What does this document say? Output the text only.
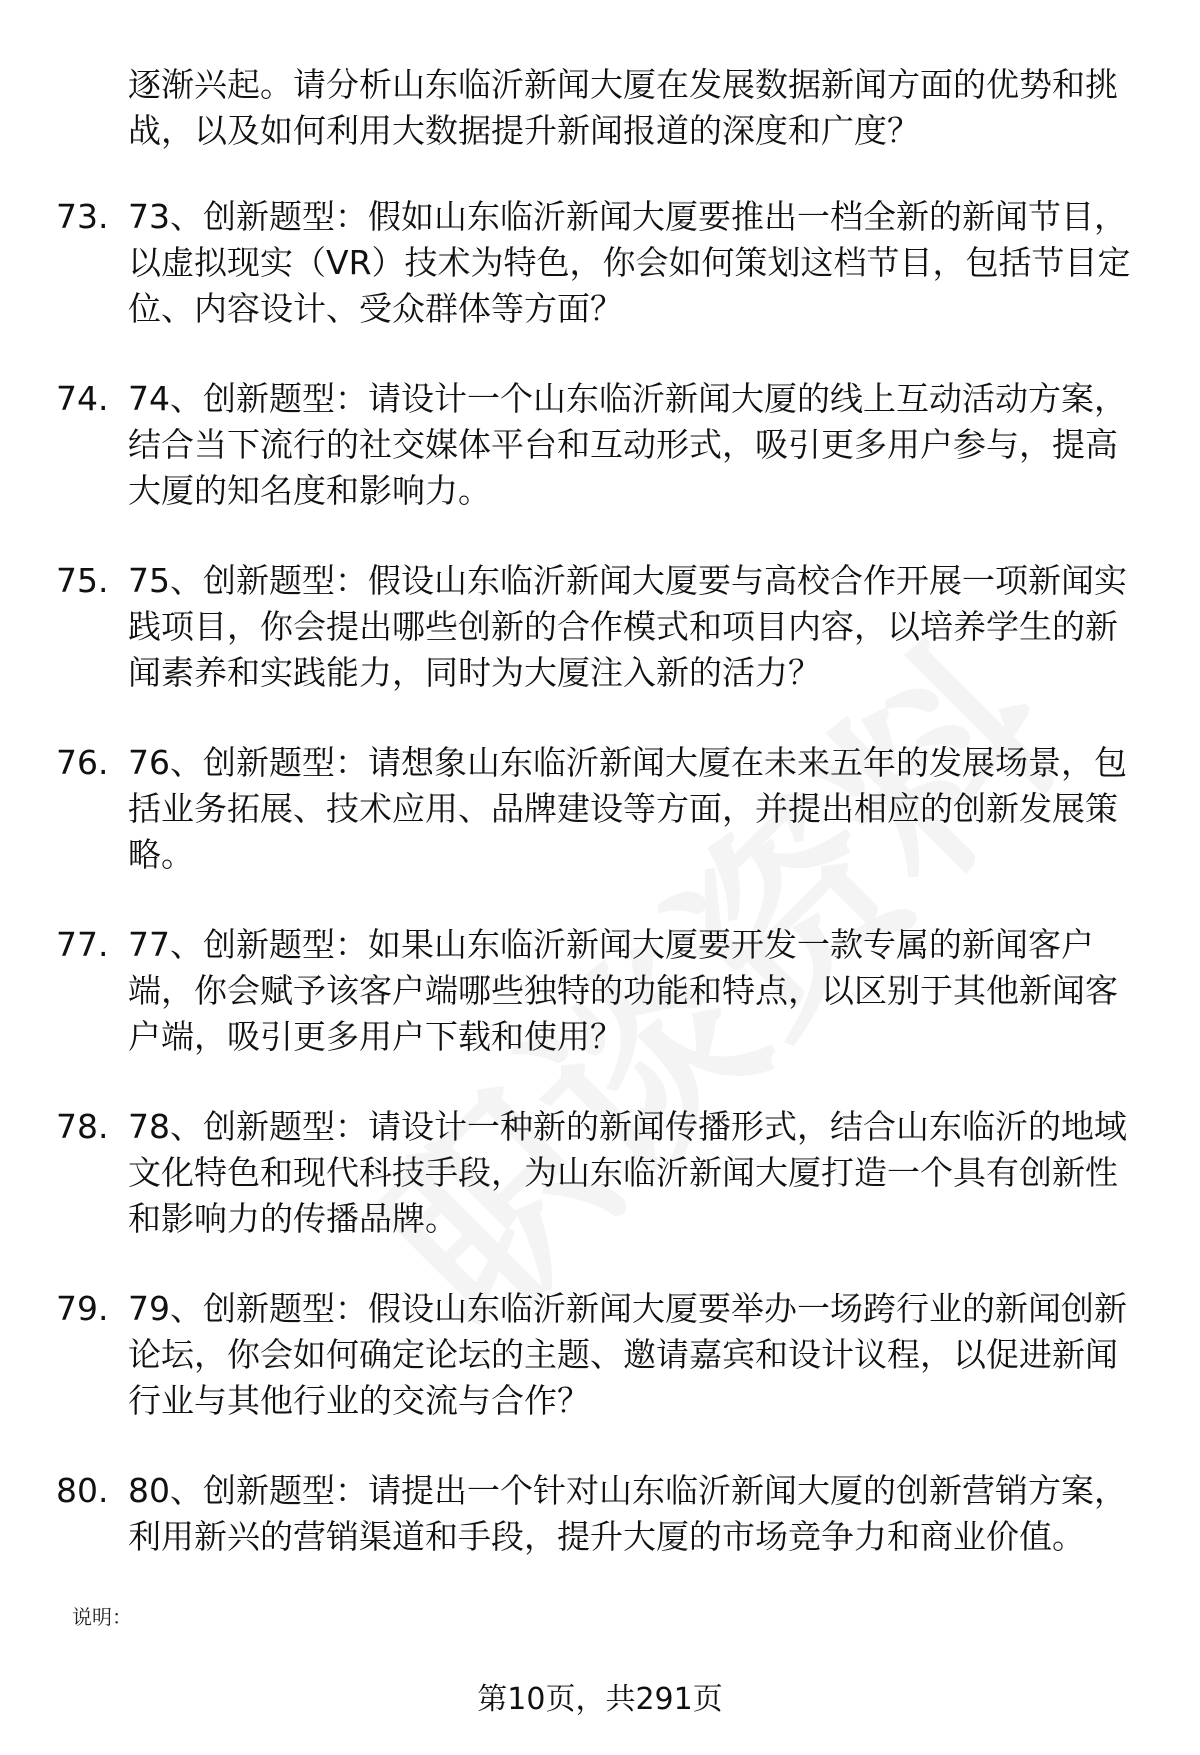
逐渐兴起。请分析山东临沂新闻大厦在发展数据新闻方面的优势和挑战，以及如何利用大数据提升新闻报道的深度和广度？
73. 73、创新题型：假如山东临沂新闻大厦要推出一档全新的新闻节目，以虚拟现实（VR）技术为特色，你会如何策划这档节目，包括节目定位、内容设计、受众群体等方面？
74. 74、创新题型：请设计一个山东临沂新闻大厦的线上互动活动方案，结合当下流行的社交媒体平台和互动形式，吸引更多用户参与，提高大厦的知名度和影响力。
75. 75、创新题型：假设山东临沂新闻大厦要与高校合作开展一项新闻实践项目，你会提出哪些创新的合作模式和项目内容，以培养学生的新闻素养和实践能力，同时为大厦注入新的活力？
76. 76、创新题型：请想象山东临沂新闻大厦在未来五年的发展场景，包括业务拓展、技术应用、品牌建设等方面，并提出相应的创新发展策略。
77. 77、创新题型：如果山东临沂新闻大厦要开发一款专属的新闻客户端，你会赋予该客户端哪些独特的功能和特点，以区别于其他新闻客户端，吸引更多用户下载和使用？
78. 78、创新题型：请设计一种新的新闻传播形式，结合山东临沂的地域文化特色和现代科技手段，为山东临沂新闻大厦打造一个具有创新性和影响力的传播品牌。
79. 79、创新题型：假设山东临沂新闻大厦要举办一场跨行业的新闻创新论坛，你会如何确定论坛的主题、邀请嘉宾和设计议程，以促进新闻行业与其他行业的交流与合作？
80. 80、创新题型：请提出一个针对山东临沂新闻大厦的创新营销方案，利用新兴的营销渠道和手段，提升大厦的市场竞争力和商业价值。
说明：
第10页，共291页
